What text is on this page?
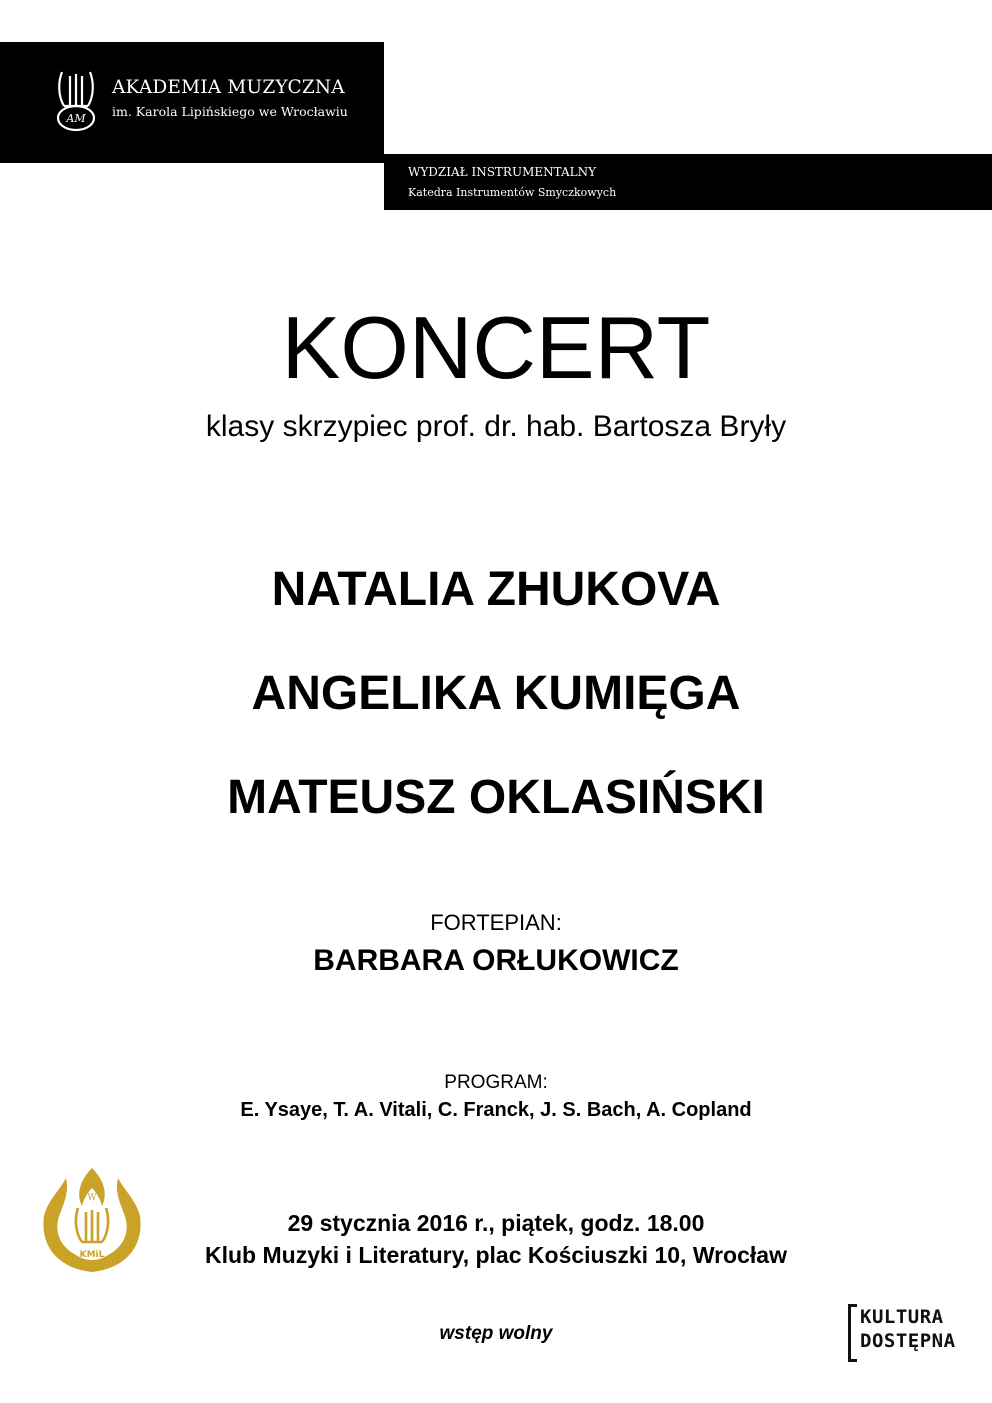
AM
AKADEMIA MUZYCZNA
im. Karola Lipińskiego we Wrocławiu
WYDZIAŁ INSTRUMENTALNY
Katedra Instrumentów Smyczkowych
KONCERT
klasy skrzypiec prof. dr. hab. Bartosza Bryły
NATALIA ZHUKOVA
ANGELIKA KUMIĘGA
MATEUSZ OKLASIŃSKI
FORTEPIAN:
BARBARA ORŁUKOWICZ
PROGRAM:
E. Ysaye, T. A. Vitali, C. Franck, J. S. Bach, A. Copland
29 stycznia 2016 r., piątek, godz. 18.00
Klub Muzyki i Literatury, plac Kościuszki 10, Wrocław
wstęp wolny
W
KMiL
KULTURA
DOSTĘPNA
